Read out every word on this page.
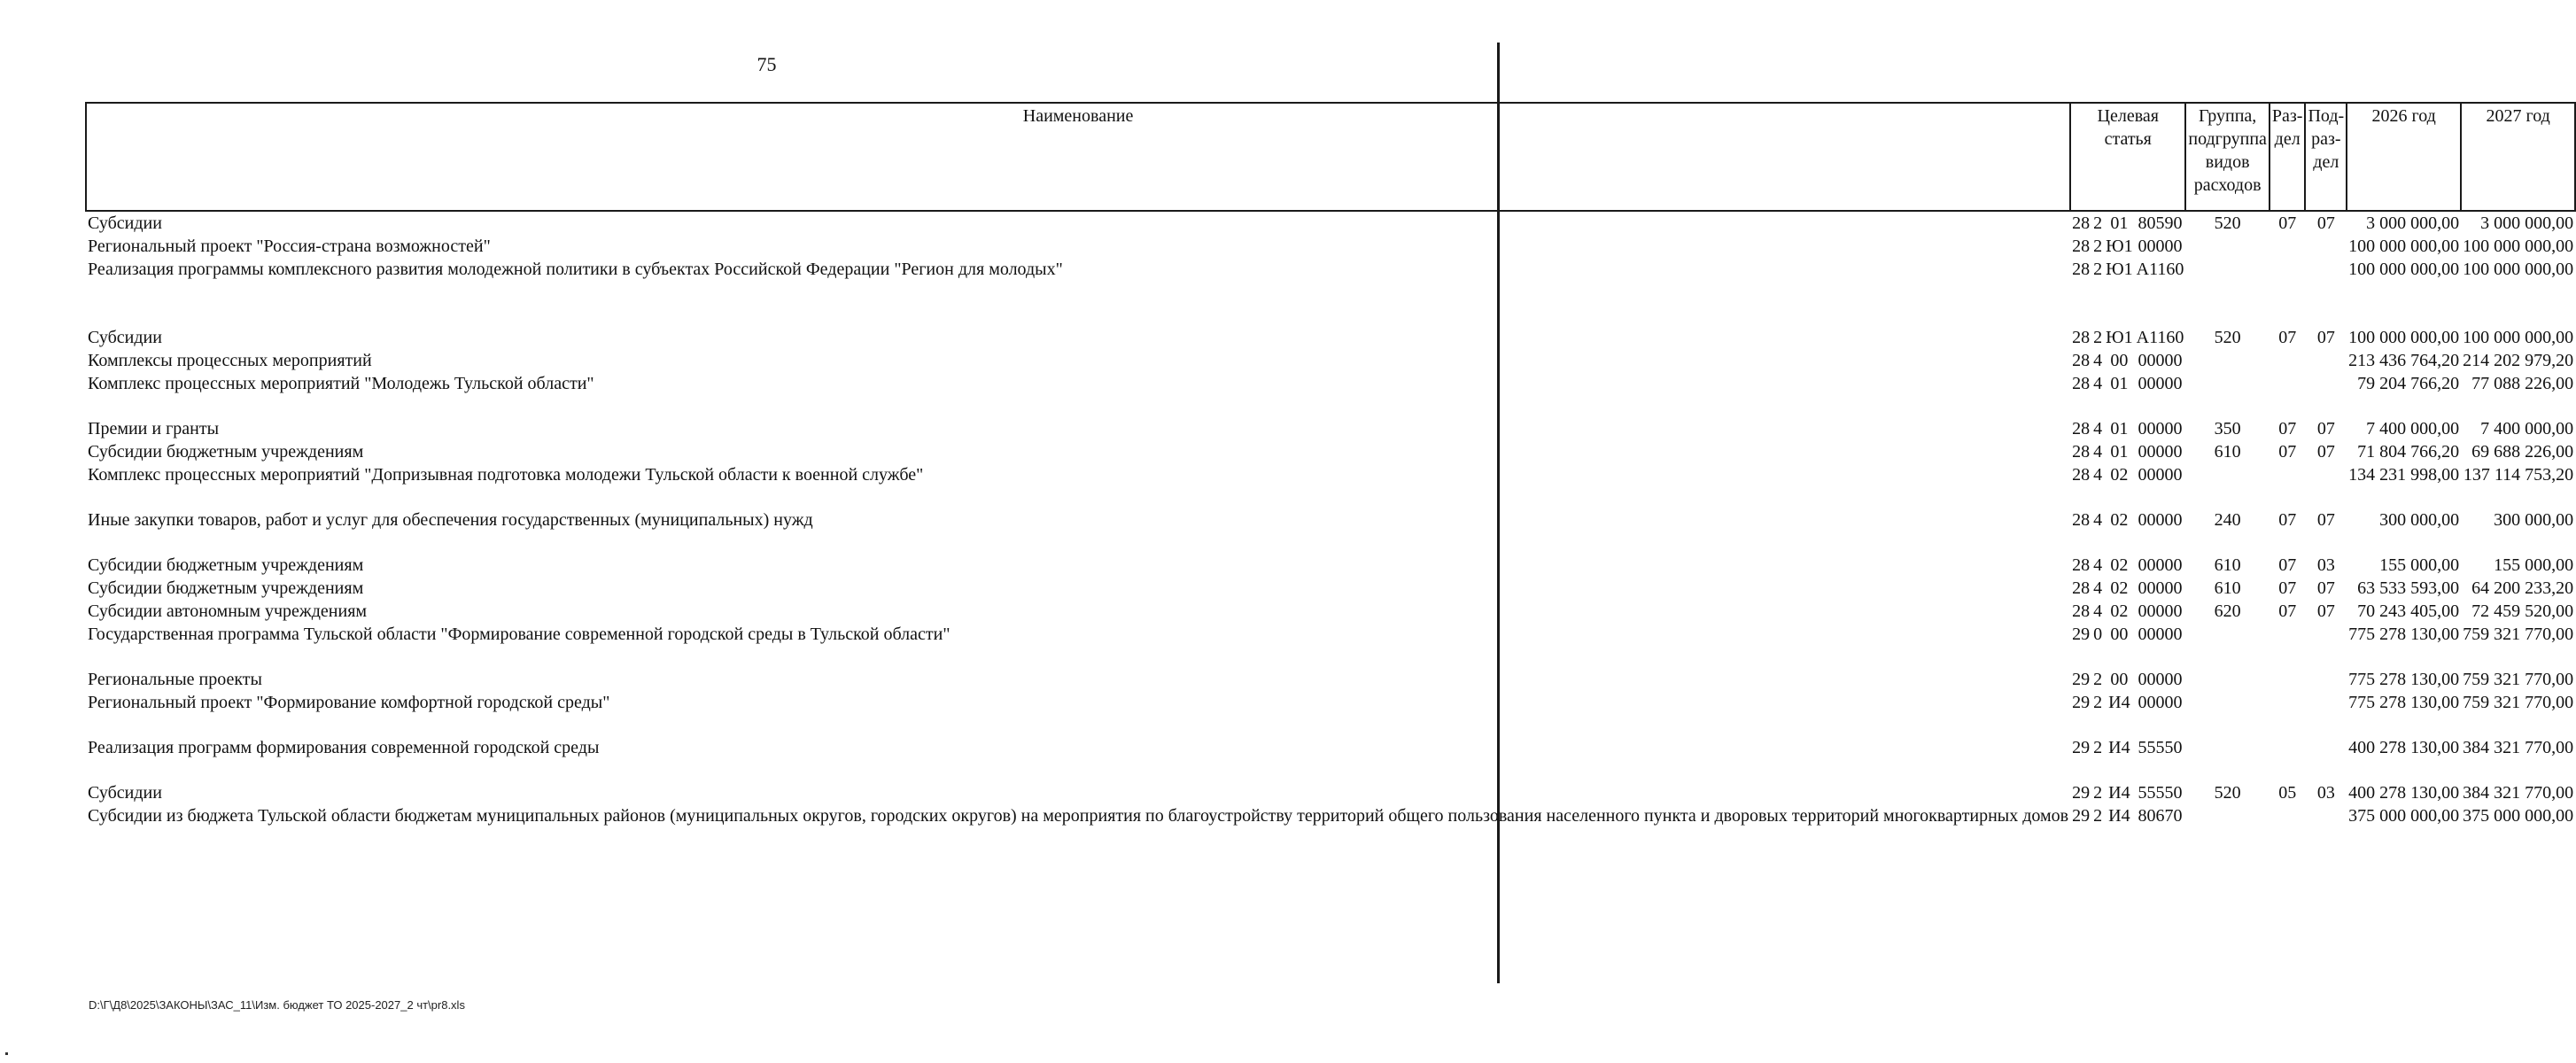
75
Наименование	Целевая статья				Группа, подгруппа видов расходов	Раз-дел	Под-раз-дел	2026 год	2027 год
Субсидии	28	2	01	80590	520	07	07	3 000 000,00	3 000 000,00
Региональный проект "Россия-страна возможностей"	28	2	Ю1	00000				100 000 000,00	100 000 000,00
Реализация программы комплексного развития молодежной политики в субъектах Российской Федерации "Регион для молодых"	28	2	Ю1	А1160				100 000 000,00	100 000 000,00
Субсидии	28	2	Ю1	А1160	520	07	07	100 000 000,00	100 000 000,00
Комплексы процессных мероприятий	28	4	00	00000				213 436 764,20	214 202 979,20
Комплекс процессных мероприятий "Молодежь Тульской области"	28	4	01	00000				79 204 766,20	77 088 226,00
Премии и гранты	28	4	01	00000	350	07	07	7 400 000,00	7 400 000,00
Субсидии бюджетным учреждениям	28	4	01	00000	610	07	07	71 804 766,20	69 688 226,00
Комплекс процессных мероприятий "Допризывная подготовка молодежи Тульской области к военной службе"	28	4	02	00000				134 231 998,00	137 114 753,20
Иные закупки товаров, работ и услуг для обеспечения государственных (муниципальных) нужд	28	4	02	00000	240	07	07	300 000,00	300 000,00
Субсидии бюджетным учреждениям	28	4	02	00000	610	07	03	155 000,00	155 000,00
Субсидии бюджетным учреждениям	28	4	02	00000	610	07	07	63 533 593,00	64 200 233,20
Субсидии автономным учреждениям	28	4	02	00000	620	07	07	70 243 405,00	72 459 520,00
Государственная программа Тульской области "Формирование современной городской среды в Тульской области"	29	0	00	00000				775 278 130,00	759 321 770,00
Региональные проекты	29	2	00	00000				775 278 130,00	759 321 770,00
Региональный проект "Формирование комфортной городской среды"	29	2	И4	00000				775 278 130,00	759 321 770,00
Реализация программ формирования современной городской среды	29	2	И4	55550				400 278 130,00	384 321 770,00
Субсидии	29	2	И4	55550	520	05	03	400 278 130,00	384 321 770,00
Субсидии из бюджета Тульской области бюджетам муниципальных районов (муниципальных округов, городских округов) на мероприятия по благоустройству территорий общего пользования населенного пункта и дворовых территорий многоквартирных домов	29	2	И4	80670				375 000 000,00	375 000 000,00
D:\Г\Д8\2025\ЗАКОНЫ\ЗАС_11\Изм. бюджет ТО 2025-2027_2 чт\pr8.xls
